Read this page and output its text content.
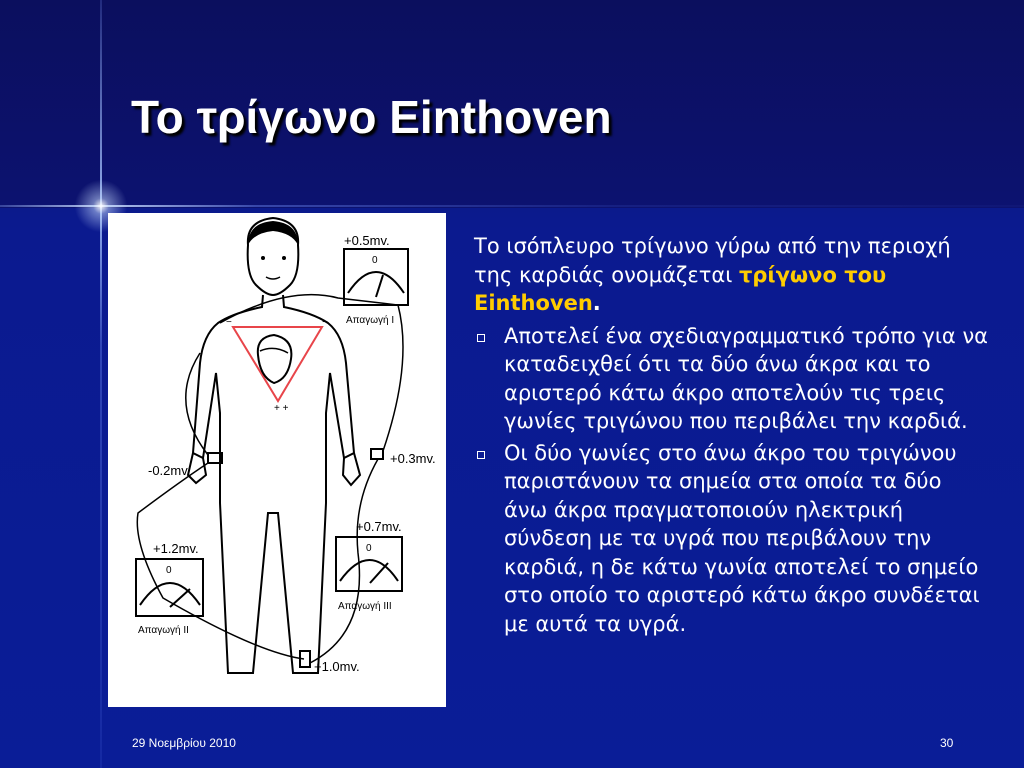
Το τρίγωνο Einthoven
−	−
+ +
+0.5mv.
0
Απαγωγή I
+1.2mv.
0
Απαγωγή II
+0.7mv.
0
Απαγωγή III
+0.3mv.
-0.2mv.
+1.0mv.

Το ισόπλευρο τρίγωνο γύρω από την περιοχή της καρδιάς ονομάζεται τρίγωνο του Einthoven.

Αποτελεί ένα σχεδιαγραμματικό τρόπο για να καταδειχθεί ότι τα δύο άνω άκρα και το αριστερό κάτω άκρο αποτελούν τις τρεις γωνίες τριγώνου που περιβάλει την καρδιά.
Οι δύο γωνίες στο άνω άκρο του τριγώνου παριστάνουν τα σημεία στα οποία τα δύο άνω άκρα πραγματοποιούν ηλεκτρική σύνδεση με τα υγρά που περιβάλουν την καρδιά, η δε κάτω γωνία αποτελεί το σημείο στο οποίο το αριστερό κάτω άκρο συνδέεται με αυτά τα υγρά.
29 Νοεμβρίου 2010	30
